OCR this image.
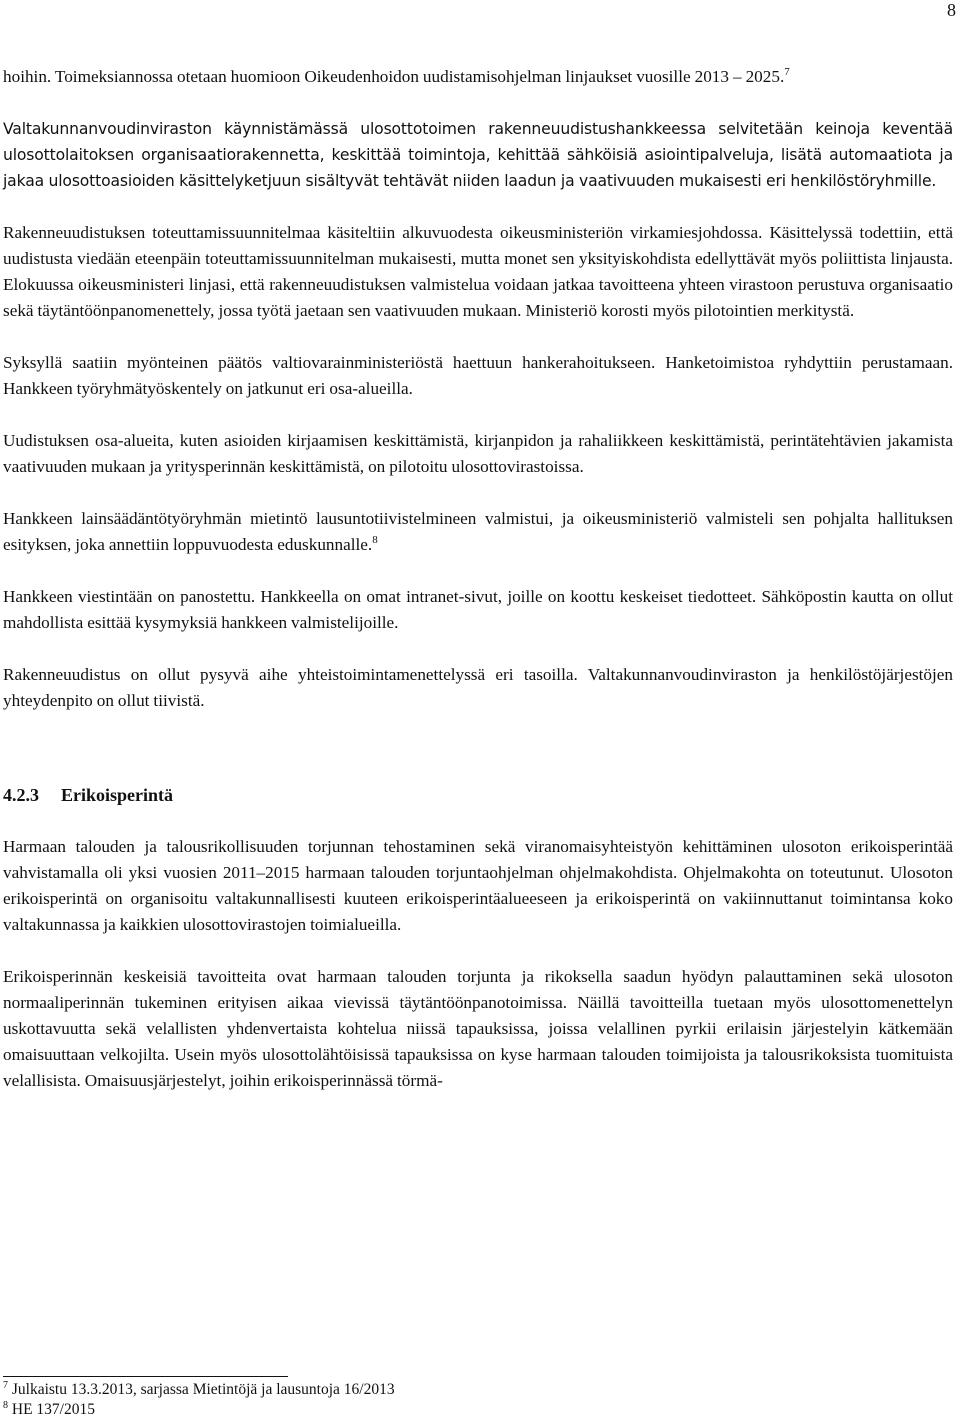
8

hoihin. Toimeksiannossa otetaan huomioon Oikeudenhoidon uudistamisohjelman linjaukset vuosille 2013 – 2025.$^7$

Valtakunnanvoudinviraston käynnistämässä ulosottotoimen rakenneuudistushankkeessa selvitetään keinoja keventää ulosottolaitoksen organisaatiorakennetta, keskittää toimintoja, kehittää sähköisiä asiointipalveluja, lisätä automaatiota ja jakaa ulosottoasioiden käsittelyketjuun sisältyvät tehtävät niiden laadun ja vaativuuden mukaisesti eri henkilöstöryhmille.

Rakenneuudistuksen toteuttamissuunnitelmaa käsiteltiin alkuvuodesta oikeusministeriön virkamiesjohdossa. Käsittelyssä todettiin, että uudistusta viedään eteenpäin toteuttamissuunnitelman mukaisesti, mutta monet sen yksityiskohdista edellyttävät myös poliittista linjausta. Elokuussa oikeusministeri linjasi, että rakenneuudistuksen valmistelua voidaan jatkaa tavoitteena yhteen virastoon perustuva organisaatio sekä täytäntöönpanomenettely, jossa työtä jaetaan sen vaativuuden mukaan. Ministeriö korosti myös pilotointien merkitystä.

Syksyllä saatiin myönteinen päätös valtiovarainministeriöstä haettuun hankerahoitukseen. Hanketoimistoa ryhdyttiin perustamaan. Hankkeen työryhmätyöskentely on jatkunut eri osa-alueilla.

Uudistuksen osa-alueita, kuten asioiden kirjaamisen keskittämistä, kirjanpidon ja rahaliikkeen keskittämistä, perintätehtävien jakamista vaativuuden mukaan ja yritysperinnän keskittämistä, on pilotoitu ulosottovirastoissa.

Hankkeen lainsäädäntötyöryhmän mietintö lausuntotiivistelmineen valmistui, ja oikeusministeriö valmisteli sen pohjalta hallituksen esityksen, joka annettiin loppuvuodesta eduskunnalle.$^8$

Hankkeen viestintään on panostettu. Hankkeella on omat intranet-sivut, joille on koottu keskeiset tiedotteet. Sähköpostin kautta on ollut mahdollista esittää kysymyksiä hankkeen valmistelijoille.

Rakenneuudistus on ollut pysyvä aihe yhteistoimintamenettelyssä eri tasoilla. Valtakunnanvoudinviraston ja henkilöstöjärjestöjen yhteydenpito on ollut tiivistä.

4.2.3 Erikoisperintä

Harmaan talouden ja talousrikollisuuden torjunnan tehostaminen sekä viranomaisyhteistyön kehittäminen ulosoton erikoisperintää vahvistamalla oli yksi vuosien 2011–2015 harmaan talouden torjuntaohjelman ohjelmakohdista. Ohjelmakohta on toteutunut. Ulosoton erikoisperintä on organisoitu valtakunnallisesti kuuteen erikoisperintäalueeseen ja erikoisperintä on vakiinnuttanut toimintansa koko valtakunnassa ja kaikkien ulosottovirastojen toimialueilla.

Erikoisperinnän keskeisiä tavoitteita ovat harmaan talouden torjunta ja rikoksella saadun hyödyn palauttaminen sekä ulosoton normaaliperinnän tukeminen erityisen aikaa vievissä täytäntöönpanotoimissa. Näillä tavoitteilla tuetaan myös ulosottomenettelyn uskottavuutta sekä velallisten yhdenvertaista kohtelua niissä tapauksissa, joissa velallinen pyrkii erilaisin järjestelyin kätkemään omaisuuttaan velkojilta. Usein myös ulosottolähtöisissä tapauksissa on kyse harmaan talouden toimijoista ja talousrikoksista tuomituista velallisista. Omaisuusjärjestelyt, joihin erikoisperinnässä törmä-

$^7$ Julkaistu 13.3.2013, sarjassa Mietintöjä ja lausuntoja 16/2013

$^8$ HE 137/2015
